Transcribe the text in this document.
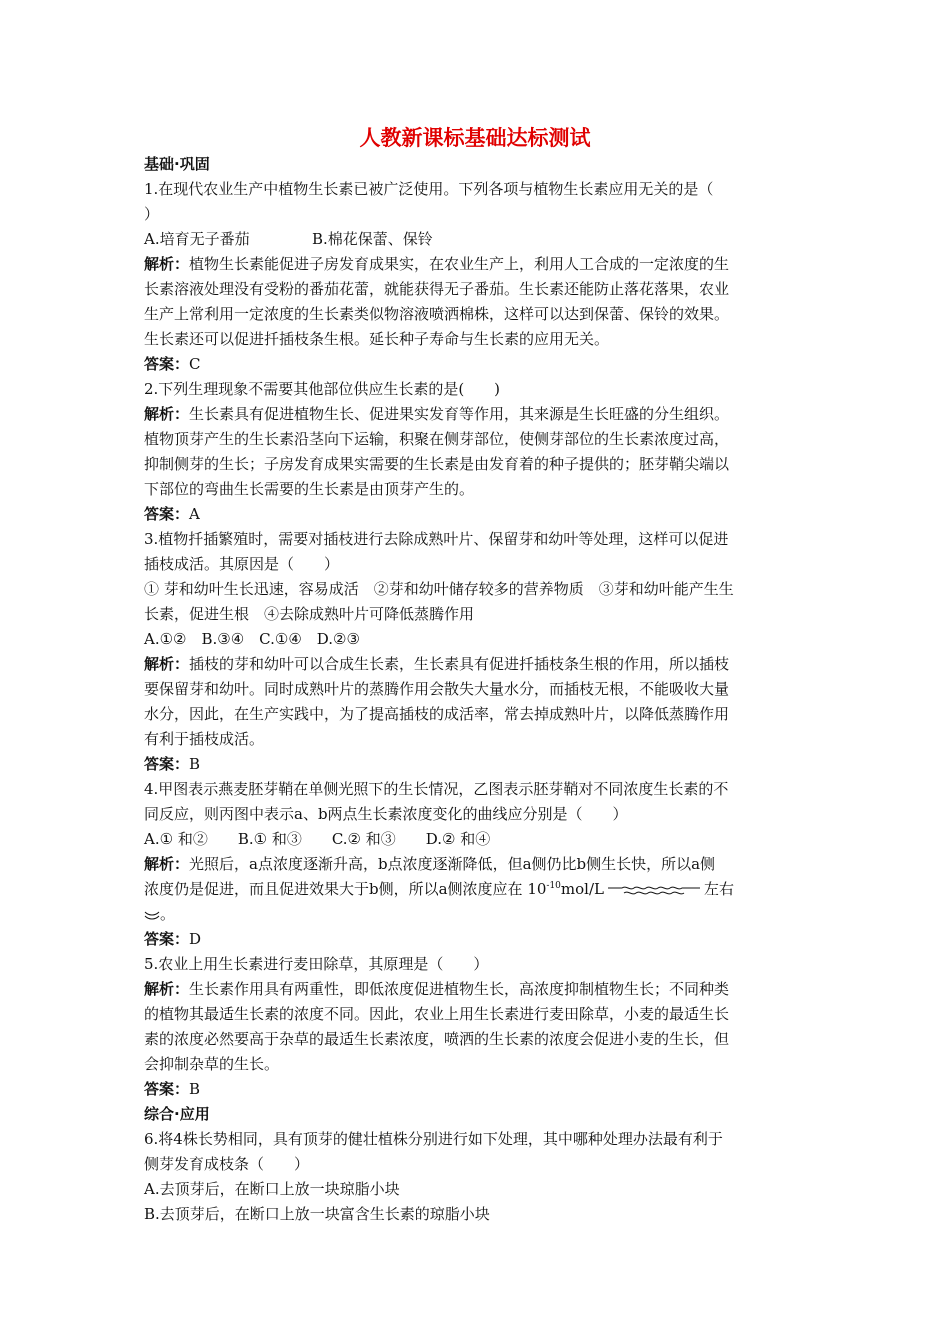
人教新课标基础达标测试
基础·巩固
1.在现代农业生产中植物生长素已被广泛使用。下列各项与植物生长素应用无关的是（
）
A.培育无子番茄	B.棉花保蕾、保铃
解析：植物生长素能促进子房发育成果实，在农业生产上，利用人工合成的一定浓度的生
长素溶液处理没有受粉的番茄花蕾，就能获得无子番茄。生长素还能防止落花落果，农业
生产上常利用一定浓度的生长素类似物溶液喷洒棉株，这样可以达到保蕾、保铃的效果。
生长素还可以促进扦插枝条生根。延长种子寿命与生长素的应用无关。
答案：C
2.下列生理现象不需要其他部位供应生长素的是(　　)
解析：生长素具有促进植物生长、促进果实发育等作用，其来源是生长旺盛的分生组织。
植物顶芽产生的生长素沿茎向下运输，积聚在侧芽部位，使侧芽部位的生长素浓度过高，
抑制侧芽的生长；子房发育成果实需要的生长素是由发育着的种子提供的；胚芽鞘尖端以
下部位的弯曲生长需要的生长素是由顶芽产生的。
答案：A
3.植物扦插繁殖时，需要对插枝进行去除成熟叶片、保留芽和幼叶等处理，这样可以促进
插枝成活。其原因是（　　）
① 芽和幼叶生长迅速，容易成活　②芽和幼叶储存较多的营养物质　③芽和幼叶能产生生
长素，促进生根　④去除成熟叶片可降低蒸腾作用
A.①②　B.③④　C.①④　D.②③
解析：插枝的芽和幼叶可以合成生长素，生长素具有促进扦插枝条生根的作用，所以插枝
要保留芽和幼叶。同时成熟叶片的蒸腾作用会散失大量水分，而插枝无根，不能吸收大量
水分，因此，在生产实践中，为了提高插枝的成活率，常去掉成熟叶片，以降低蒸腾作用
有利于插枝成活。
答案：B
4.甲图表示燕麦胚芽鞘在单侧光照下的生长情况，乙图表示胚芽鞘对不同浓度生长素的不
同反应，则丙图中表示a、b两点生长素浓度变化的曲线应分别是（　　）
A.① 和②　　B.① 和③　　C.② 和③　　D.② 和④
解析：光照后，a点浓度逐渐升高，b点浓度逐渐降低，但a侧仍比b侧生长快，所以a侧
浓度仍是促进，而且促进效果大于b侧，所以a侧浓度应在 $10^{-10}mol/L$	左右
。
答案：D
5.农业上用生长素进行麦田除草，其原理是（　　）
解析：生长素作用具有两重性，即低浓度促进植物生长，高浓度抑制植物生长；不同种类
的植物其最适生长素的浓度不同。因此，农业上用生长素进行麦田除草，小麦的最适生长
素的浓度必然要高于杂草的最适生长素浓度，喷洒的生长素的浓度会促进小麦的生长，但
会抑制杂草的生长。
答案：B
综合·应用
6.将4株长势相同，具有顶芽的健壮植株分别进行如下处理，其中哪种处理办法最有利于
侧芽发育成枝条（　　）
A.去顶芽后，在断口上放一块琼脂小块
B.去顶芽后，在断口上放一块富含生长素的琼脂小块
